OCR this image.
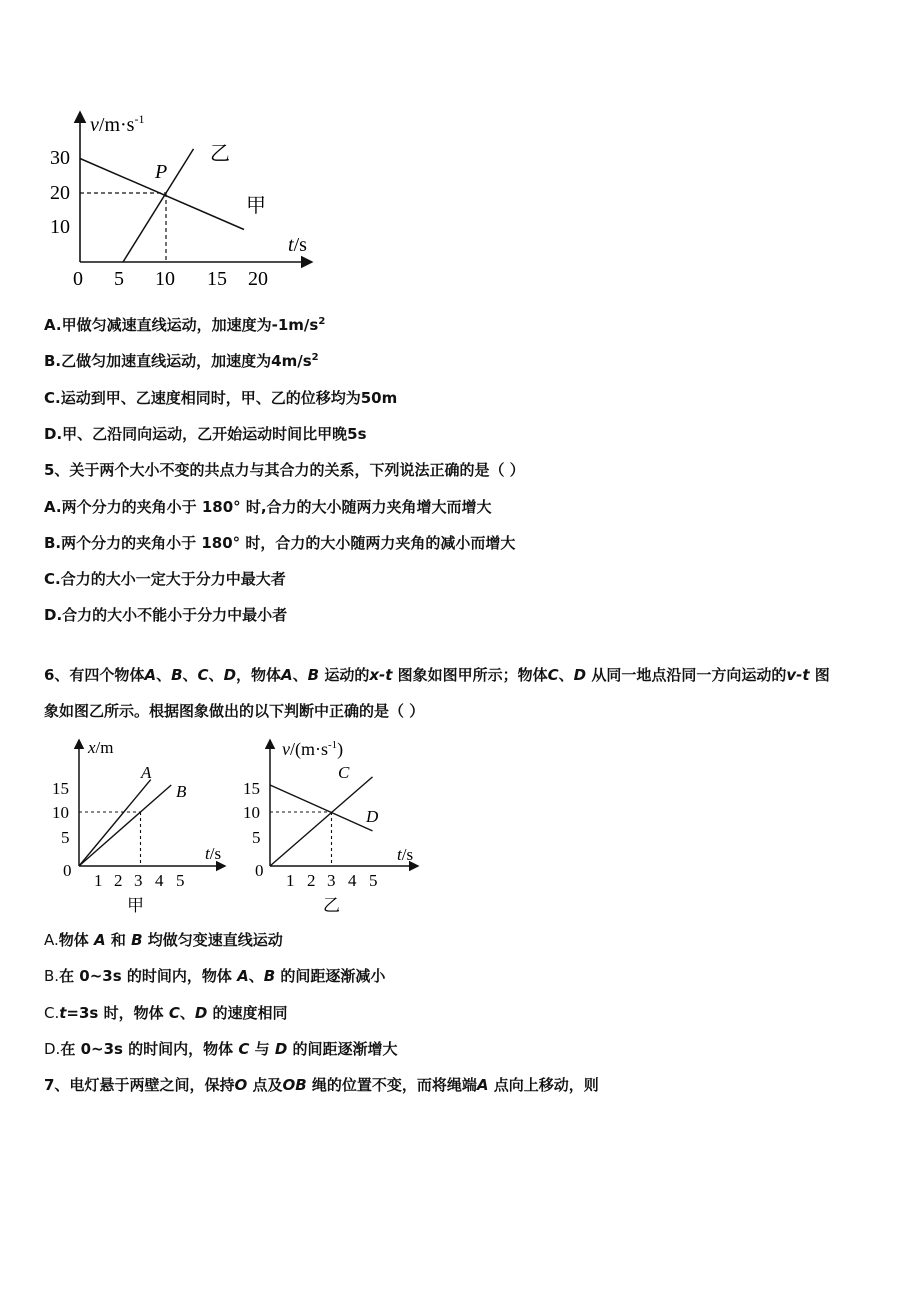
$v/m\cdot s^{-1}$
t/s
30
20
10
0 5 10 15 20
P
乙
甲
A.甲做匀减速直线运动，加速度为$-1m/s^2$
B.乙做匀加速直线运动，加速度为$4m/s^2$
C.运动到甲、乙速度相同时，甲、乙的位移均为50m
D.甲、乙沿同向运动，乙开始运动时间比甲晚5s
5、关于两个大小不变的共点力与其合力的关系，下列说法正确的是（ ）
A.两个分力的夹角小于 180° 时,合力的大小随两力夹角增大而增大
B.两个分力的夹角小于 180° 时，合力的大小随两力夹角的减小而增大
C.合力的大小一定大于分力中最大者
D.合力的大小不能小于分力中最小者
6、有四个物体A、B、C、D，物体A、B 运动的x-t 图象如图甲所示；物体C、D 从同一地点沿同一方向运动的v-t 图
象如图乙所示。根据图象做出的以下判断中正确的是（ ）
x/m
t/s
15
10
5
0
1 2 3 4 5
A
B
甲
$v/(m\cdot s^{-1})$
t/s
15
10
5
0
1 2 3 4 5
C
D
乙
A.物体 A 和 B 均做匀变速直线运动
B.在 0~3s 的时间内，物体 A、B 的间距逐渐减小
C.t=3s 时，物体 C、D 的速度相同
D.在 0~3s 的时间内，物体 C 与 D 的间距逐渐增大
7、电灯悬于两壁之间，保持O 点及OB 绳的位置不变，而将绳端A 点向上移动，则
